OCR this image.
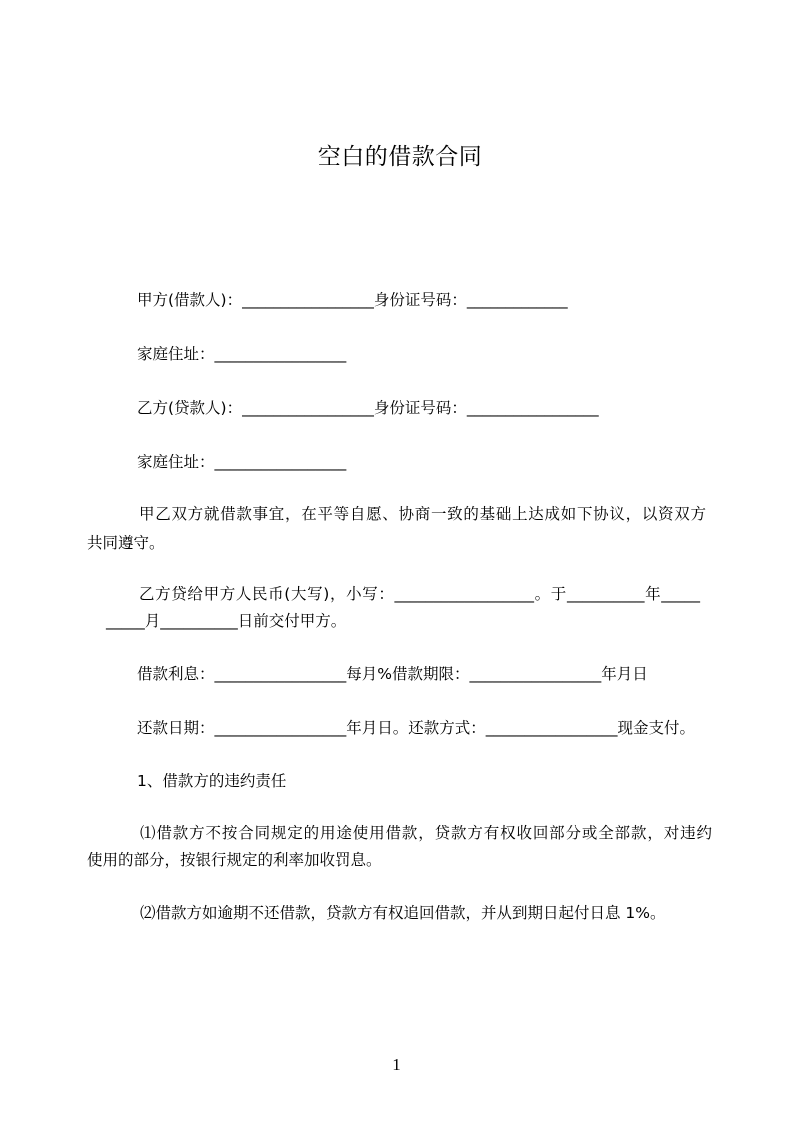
空白的借款合同
甲方(借款人)：_________________身份证号码：_____________
家庭住址：_________________
乙方(贷款人)：_________________身份证号码：_________________
家庭住址：_________________
甲乙双方就借款事宜，在平等自愿、协商一致的基础上达成如下协议，以资双方
共同遵守。
乙方贷给甲方人民币(大写)，小写：__________________。于__________年_____
_____月__________日前交付甲方。
借款利息：_________________每月%借款期限：_________________年月日
还款日期：_________________年月日。还款方式：_________________现金支付。
1、借款方的违约责任
⑴借款方不按合同规定的用途使用借款，贷款方有权收回部分或全部款，对违约
使用的部分，按银行规定的利率加收罚息。
⑵借款方如逾期不还借款，贷款方有权追回借款，并从到期日起付日息 1%。
1
